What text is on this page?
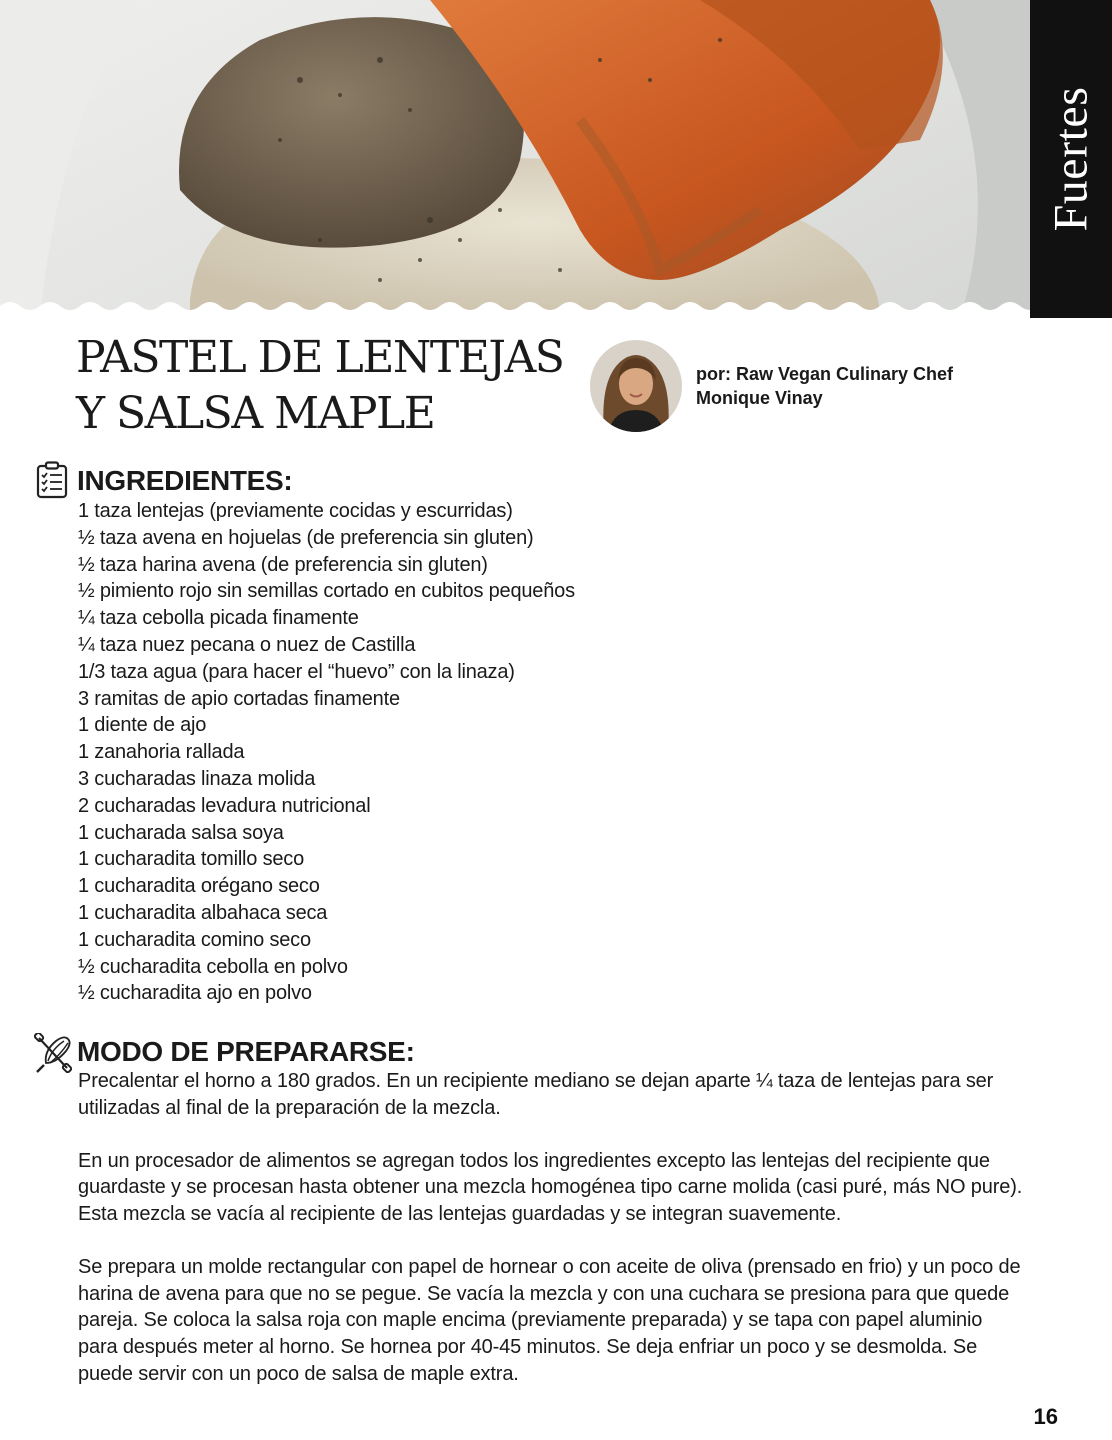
Fuertes
PASTEL DE LENTEJAS
Y SALSA MAPLE
por: Raw Vegan Culinary Chef
Monique Vinay
INGREDIENTES:
1 taza lentejas (previamente cocidas y escurridas)
½ taza avena en hojuelas (de preferencia sin gluten)
½ taza harina avena (de preferencia sin gluten)
½ pimiento rojo sin semillas cortado en cubitos pequeños
¼ taza cebolla picada finamente
¼ taza nuez pecana o nuez de Castilla
1/3 taza agua (para hacer el “huevo” con la linaza)
3 ramitas de apio cortadas finamente
1 diente de ajo
1 zanahoria rallada
3 cucharadas linaza molida
2 cucharadas levadura nutricional
1 cucharada salsa soya
1 cucharadita tomillo seco
1 cucharadita orégano seco
1 cucharadita albahaca seca
1 cucharadita comino seco
½ cucharadita cebolla en polvo
½ cucharadita ajo en polvo
MODO DE PREPARARSE:

Precalentar el horno a 180 grados. En un recipiente mediano se dejan aparte ¼ taza de lentejas para ser utilizadas al final de la preparación de la mezcla.

En un procesador de alimentos se agregan todos los ingredientes excepto las lentejas del recipiente que guardaste y se procesan hasta obtener una mezcla homogénea tipo carne molida (casi puré, más NO pure). Esta mezcla se vacía al recipiente de las lentejas guardadas y se integran suavemente.

Se prepara un molde rectangular con papel de hornear o con aceite de oliva (prensado en frio) y un poco de harina de avena para que no se pegue. Se vacía la mezcla y con una cuchara se presiona para que quede pareja. Se coloca la salsa roja con maple encima (previamente preparada) y se tapa con papel aluminio para después meter al horno. Se hornea por 40-45 minutos. Se deja enfriar un poco y se desmolda. Se puede servir con un poco de salsa de maple extra.

16
